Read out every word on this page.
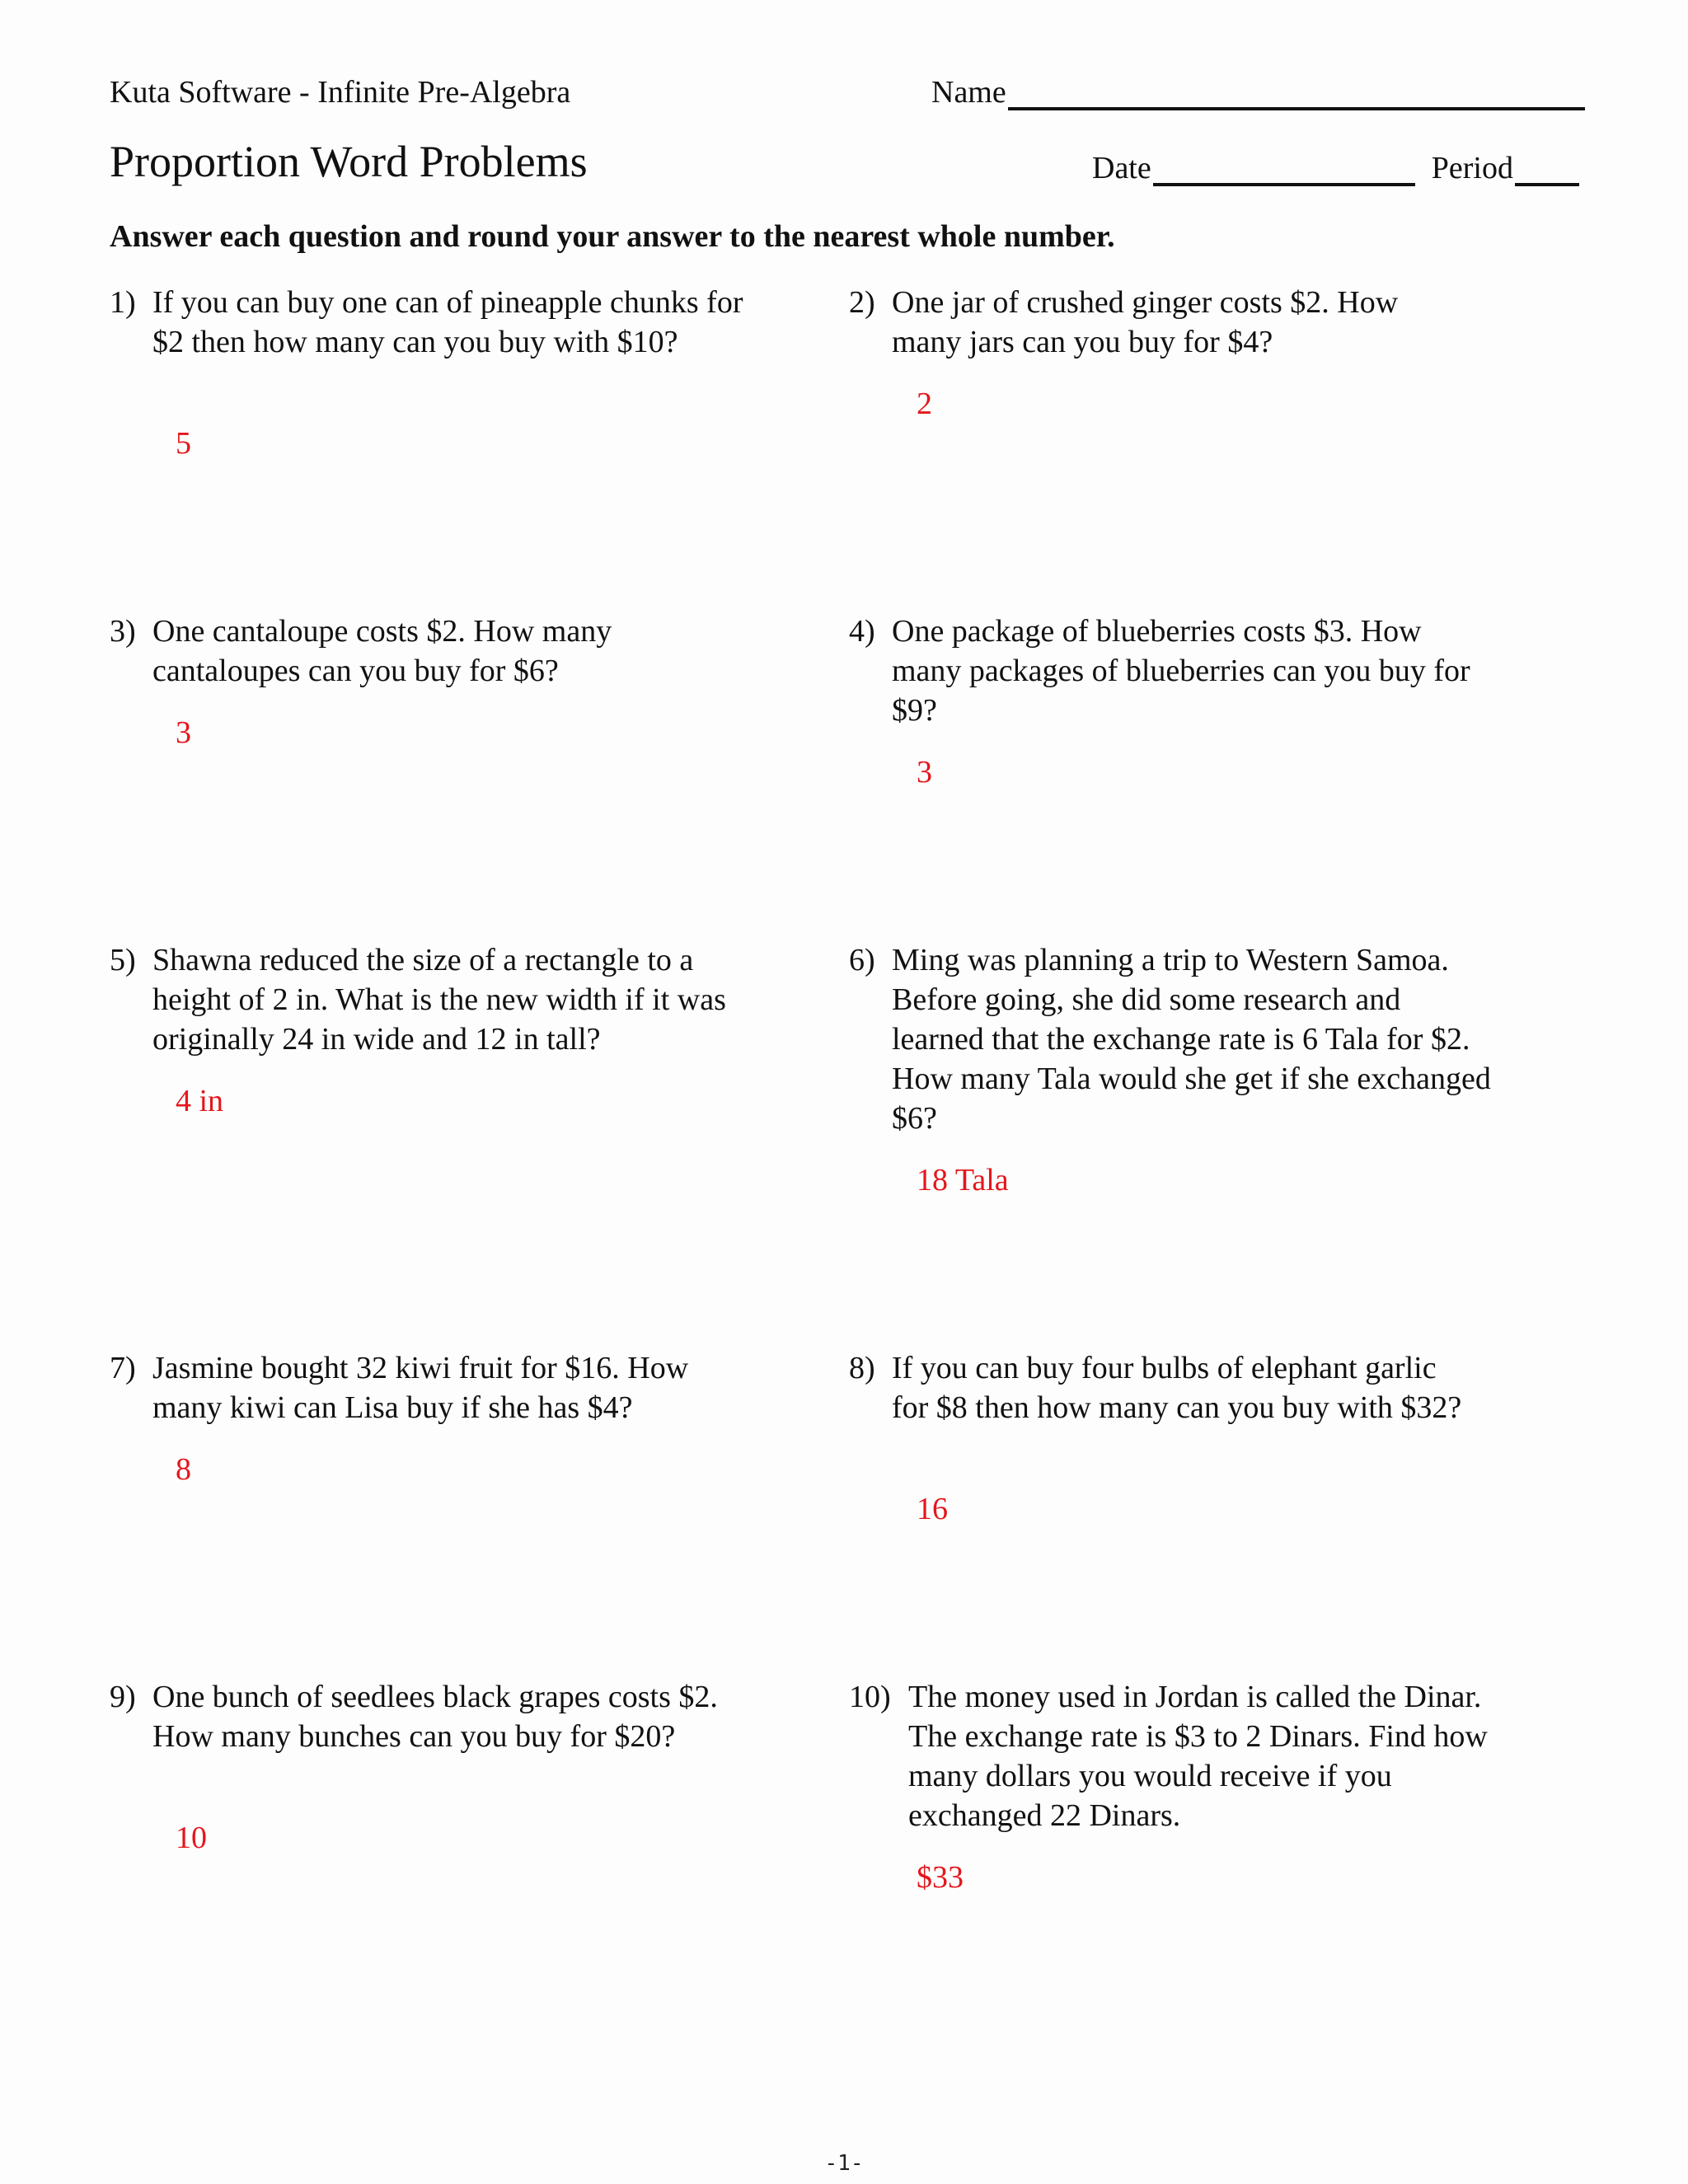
Kuta Software - Infinite Pre-Algebra	Name
Proportion Word Problems	Date	Period
Answer each question and round your answer to the nearest whole number.
1) If you can buy one can of pineapple chunks for $2 then how many can you buy with $10?
5
2) One jar of crushed ginger costs $2. How many jars can you buy for $4?
2
3) One cantaloupe costs $2. How many cantaloupes can you buy for $6?
3
4) One package of blueberries costs $3. How many packages of blueberries can you buy for $9?
3
5) Shawna reduced the size of a rectangle to a height of 2 in. What is the new width if it was originally 24 in wide and 12 in tall?
4 in
6) Ming was planning a trip to Western Samoa. Before going, she did some research and learned that the exchange rate is 6 Tala for $2. How many Tala would she get if she exchanged $6?
18 Tala
7) Jasmine bought 32 kiwi fruit for $16. How many kiwi can Lisa buy if she has $4?
8
8) If you can buy four bulbs of elephant garlic for $8 then how many can you buy with $32?
16
9) One bunch of seedlees black grapes costs $2. How many bunches can you buy for $20?
10
10) The money used in Jordan is called the Dinar. The exchange rate is $3 to 2 Dinars. Find how many dollars you would receive if you exchanged 22 Dinars.
$33
-1-
